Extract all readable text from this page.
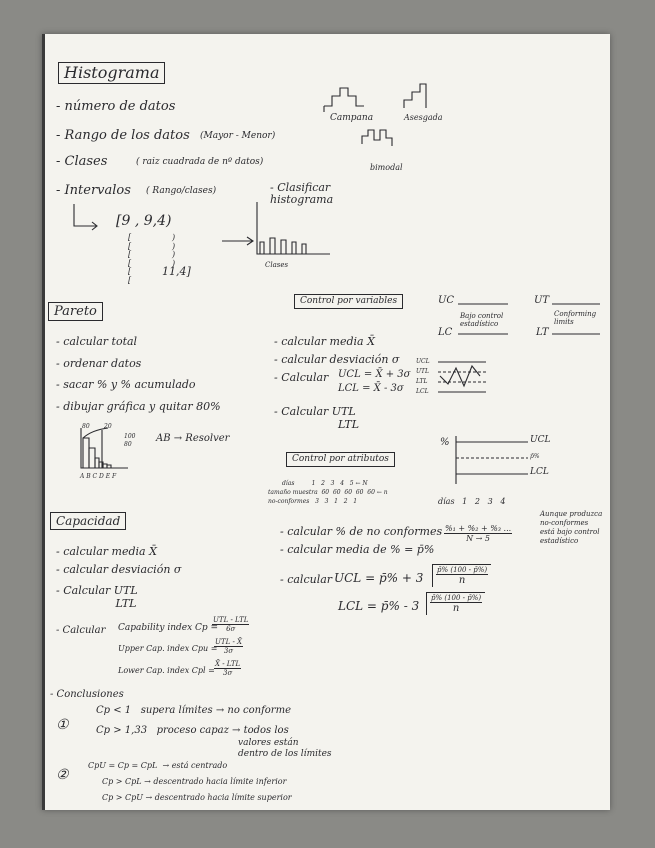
Histograma
- número de datos
- Rango de los datos (Mayor - Menor)
- Clases	( raiz cuadrada de nº datos)
- Intervalos ( Rango/clases)
[9 , 9,4)
[
[
[
[
[
[
)
)
)
)
11,4]	Clases
- Clasificar
histograma
Campana	Asesgada
bimodal
Pareto
- calcular total
- ordenar datos
- sacar % y % acumulado
- dibujar gráfica y quitar 80%
80 20
100
80
A B C D E F
AB → Resolver
Control por variables
- calcular media X̄
- calcular desviación σ
- Calcular UCL = X̄ + 3σ
LCL = X̄ - 3σ
- Calcular UTL
LTL
UCL
UTL
LTL
LCL
UC
Bajo control
estadístico
LC
UT
Conforming
limits
LT
Control por atributos
días         1   2   3   4   5 ← N
tamaño muestra  60  60  60  60  60 ← n
no-conformes   3   3   1   2   1
- calcular % de no conformes
- calcular media de % = p̄%
%₁ + %₂ + %₃ ...
N → 5
- calcular UCL = p̄% + 3
p̄% (100 - p̄%)
n
LCL = p̄% - 3
p̄% (100 - p̄%)
n
%	UCL
p̄%
LCL
días   1   2   3   4
Aunque produzca
no-conformes
está bajo control
estadístico
Capacidad
- calcular media X̄
- calcular desviación σ
- Calcular UTL
LTL
- Calcular Capability index Cp =
UTL - LTL
6σ
Upper Cap. index Cpu =
UTL - X̄
3σ
Lower Cap. index Cpl =
X̄ - LTL
3σ
- Conclusiones
①
Cp < 1   supera límites → no conforme
Cp > 1,33   proceso capaz → todos los
valores están
dentro de los límites
②
CpU = Cp = CpL  → está centrado
Cp > CpL → descentrado hacia límite inferior
Cp > CpU → descentrado hacia límite superior
